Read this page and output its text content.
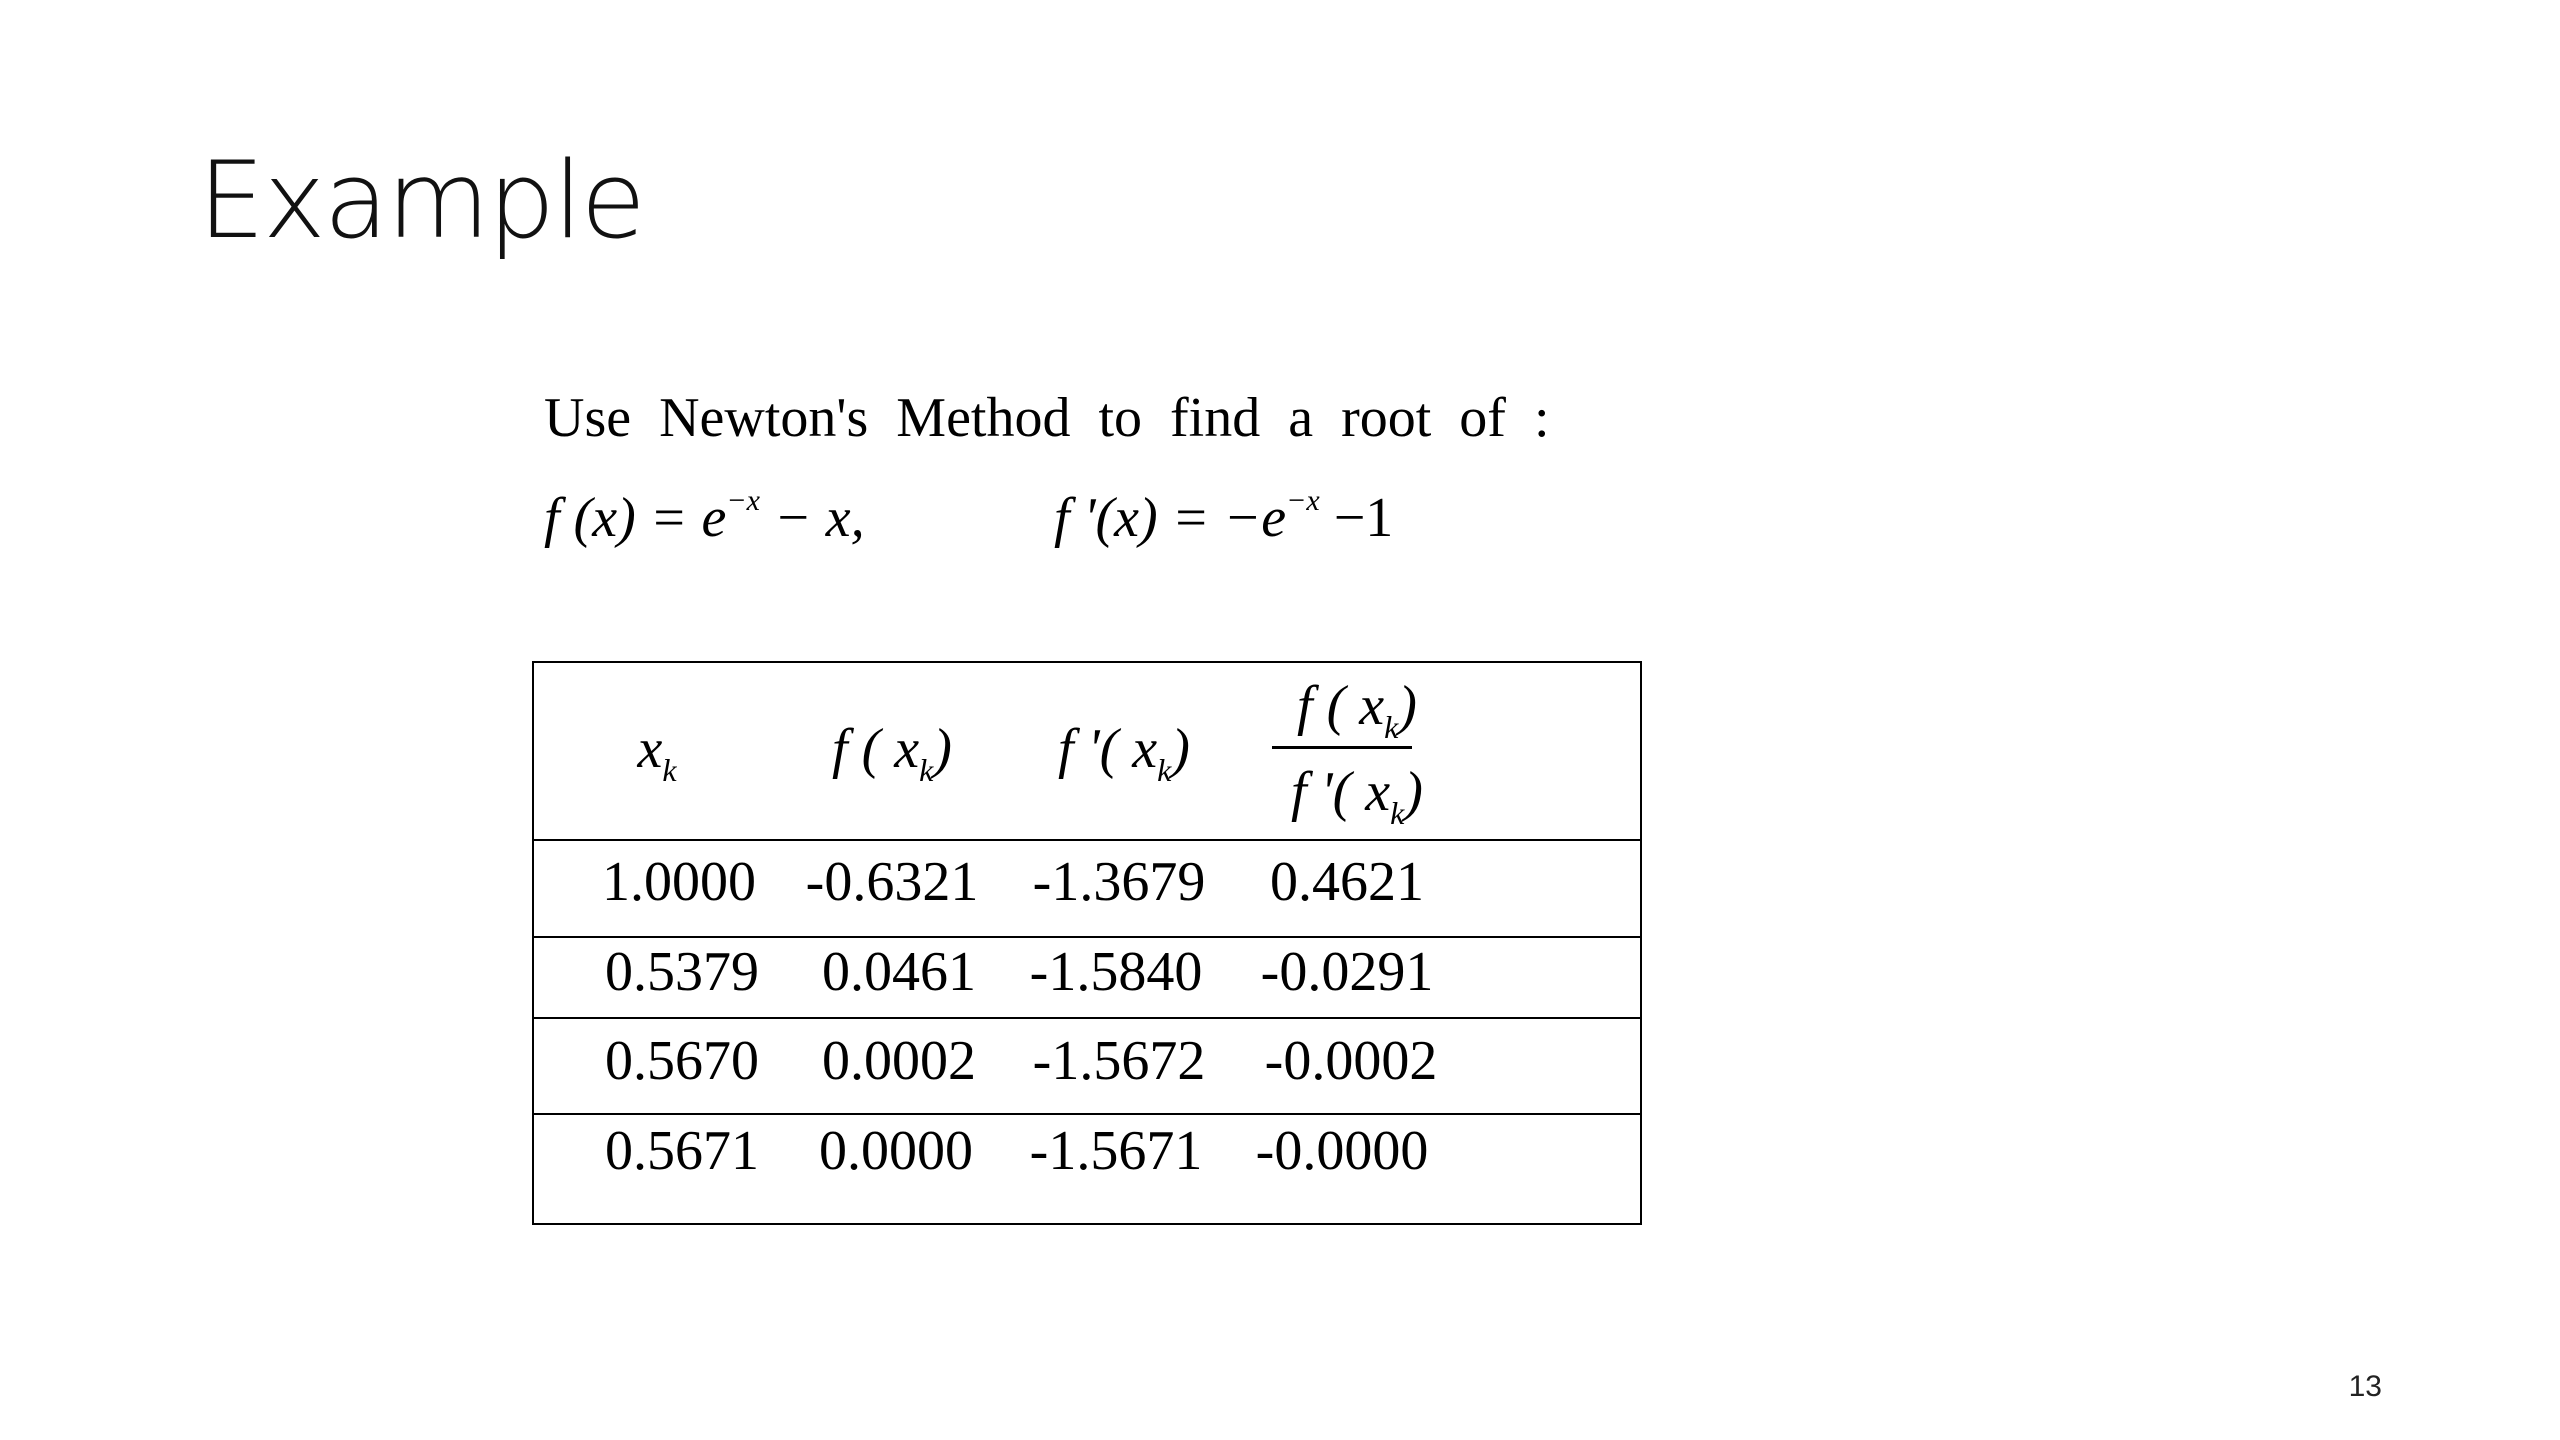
Example
Use Newton's Method to find a root of :
f $(x) = e^{-x} - x$,	f '$(x) = -e^{-x} -1$
$x_k$	f ( $x_k$) f '( $x_k$)
f ( $x_k$)
f '( $x_k$)
1.0000 -0.6321 -1.3679 0.4621
0.5379 0.0461 -1.5840 -0.0291
0.5670 0.0002 -1.5672 -0.0002
0.5671 0.0000 -1.5671 -0.0000
13
